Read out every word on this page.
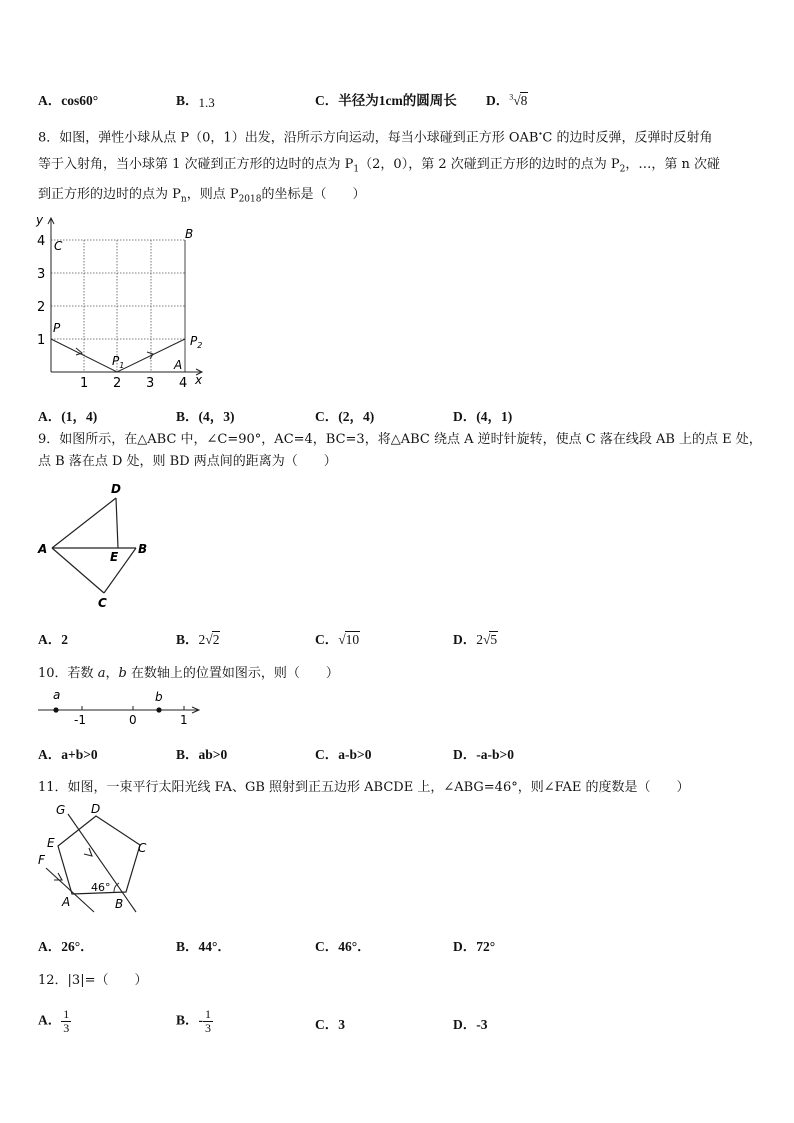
A．cos60°	B．1.3	C．半径为1cm的圆周长 D．$^3$√8
8．如图，弹性小球从点 P（0，1）出发，沿所示方向运动，每当小球碰到正方形 OAB∙C 的边时反弹，反弹时反射角
等于入射角，当小球第 1 次碰到正方形的边时的点为 $P_1(2$，0），第 2 次碰到正方形的边时的点为 $P_2$，…，第 n 次碰
到正方形的边时的点为 $P_n$，则点 $P_{2018}$的坐标是（　　）
y
x
4
3
2
1
1 2 3 4
C
B
P
$P_1$
$P_2$
A
A．(1，4)	B．(4，3)	C．(2，4)	D．(4，1)
9．如图所示，在△ABC 中，∠C=90°，AC=4，BC=3，将△ABC 绕点 A 逆时针旋转，使点 C 落在线段 AB 上的点 E 处，
点 B 落在点 D 处，则 BD 两点间的距离为（　　）
D
A
E
B
C
A．2	B．2√2	C．√10	D．2√5
10．若数 a，b 在数轴上的位置如图示，则（　　）
a	b
-1	0	1
A．a+b>0	B．ab>0	C．a-b>0	D．-a-b>0
11．如图，一束平行太阳光线 FA、GB 照射到正五边形 ABCDE 上，∠ABG=46°，则∠FAE 的度数是（　　）
G D
E	C
F
A	B
46°
A．26°．	B．44°．	C．46°．	D．72°
12．|3|=（　　）
A． $\frac{1}{3}$	B．- $\frac{1}{3}$	C．3	D．-3
